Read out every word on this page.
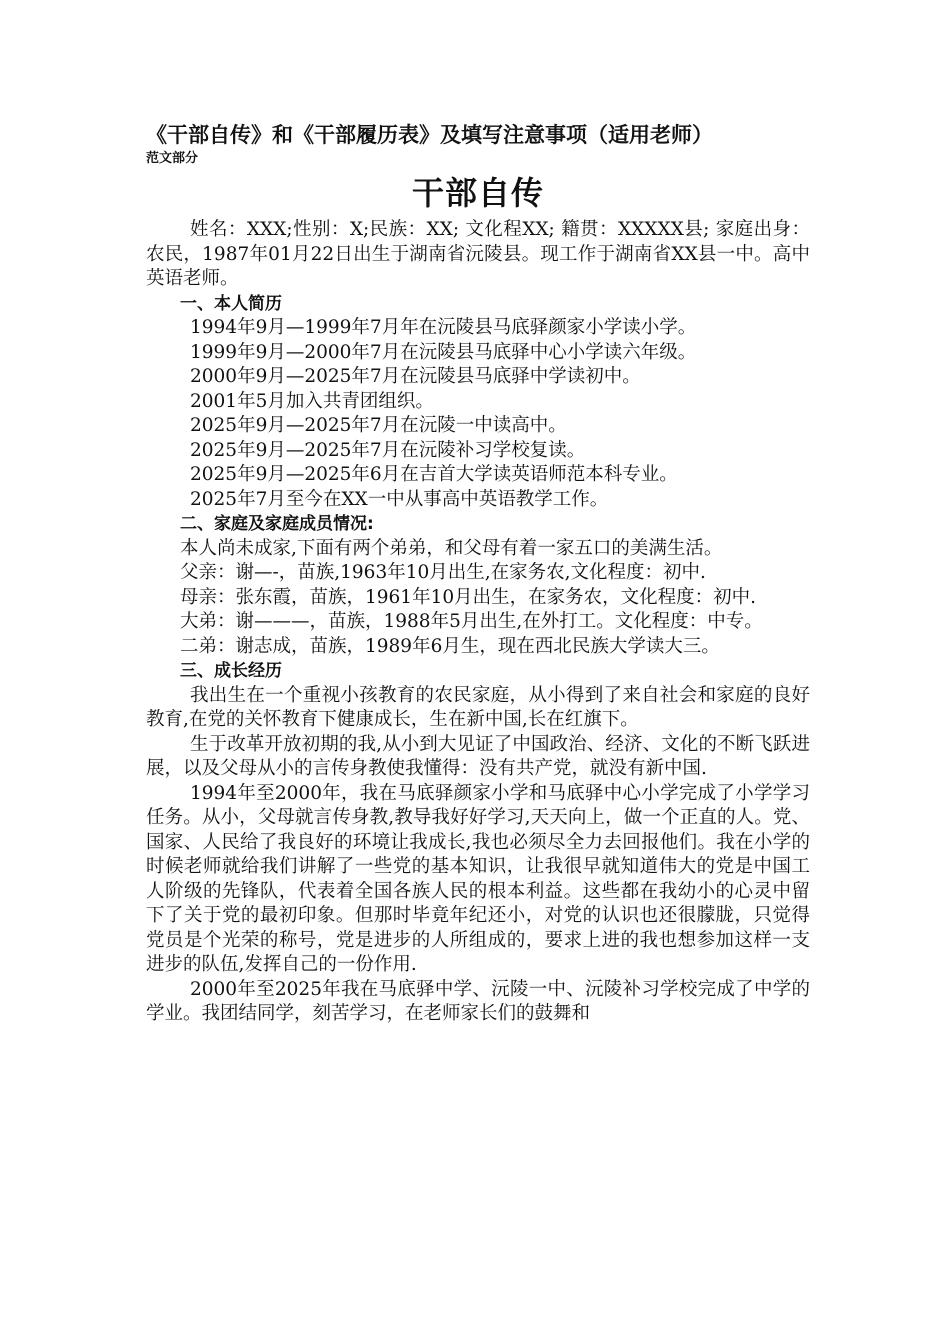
《干部自传》和《干部履历表》及填写注意事项（适用老师）

范文部分

干部自传

姓名：XXX;性别：X;民族：XX; 文化程XX; 籍贯：XXXXX县; 家庭出身：农民，1987年01月22日出生于湖南省沅陵县。现工作于湖南省XX县一中。高中英语老师。

一、本人简历

1994年9月—1999年7月年在沅陵县马底驿颜家小学读小学。

1999年9月—2000年7月在沅陵县马底驿中心小学读六年级。

2000年9月—2025年7月在沅陵县马底驿中学读初中。

2001年5月加入共青团组织。

2025年9月—2025年7月在沅陵一中读高中。

2025年9月—2025年7月在沅陵补习学校复读。

2025年9月—2025年6月在吉首大学读英语师范本科专业。

2025年7月至今在XX一中从事高中英语教学工作。

二、家庭及家庭成员情况:

本人尚未成家,下面有两个弟弟，和父母有着一家五口的美满生活。

父亲：谢—-，苗族,1963年10月出生,在家务农,文化程度：初中.

母亲：张东霞，苗族，1961年10月出生，在家务农，文化程度：初中.

大弟：谢———，苗族，1988年5月出生,在外打工。文化程度：中专。

二弟：谢志成，苗族，1989年6月生，现在西北民族大学读大三。

三、成长经历

我出生在一个重视小孩教育的农民家庭，从小得到了来自社会和家庭的良好教育,在党的关怀教育下健康成长，生在新中国,长在红旗下。

生于改革开放初期的我,从小到大见证了中国政治、经济、文化的不断飞跃进展，以及父母从小的言传身教使我懂得：没有共产党，就没有新中国.

1994年至2000年，我在马底驿颜家小学和马底驿中心小学完成了小学学习任务。从小，父母就言传身教,教导我好好学习,天天向上，做一个正直的人。党、国家、人民给了我良好的环境让我成长,我也必须尽全力去回报他们。我在小学的时候老师就给我们讲解了一些党的基本知识，让我很早就知道伟大的党是中国工人阶级的先锋队，代表着全国各族人民的根本利益。这些都在我幼小的心灵中留下了关于党的最初印象。但那时毕竟年纪还小，对党的认识也还很朦胧，只觉得党员是个光荣的称号，党是进步的人所组成的，要求上进的我也想参加这样一支进步的队伍,发挥自己的一份作用.

2000年至2025年我在马底驿中学、沅陵一中、沅陵补习学校完成了中学的学业。我团结同学，刻苦学习，在老师家长们的鼓舞和
